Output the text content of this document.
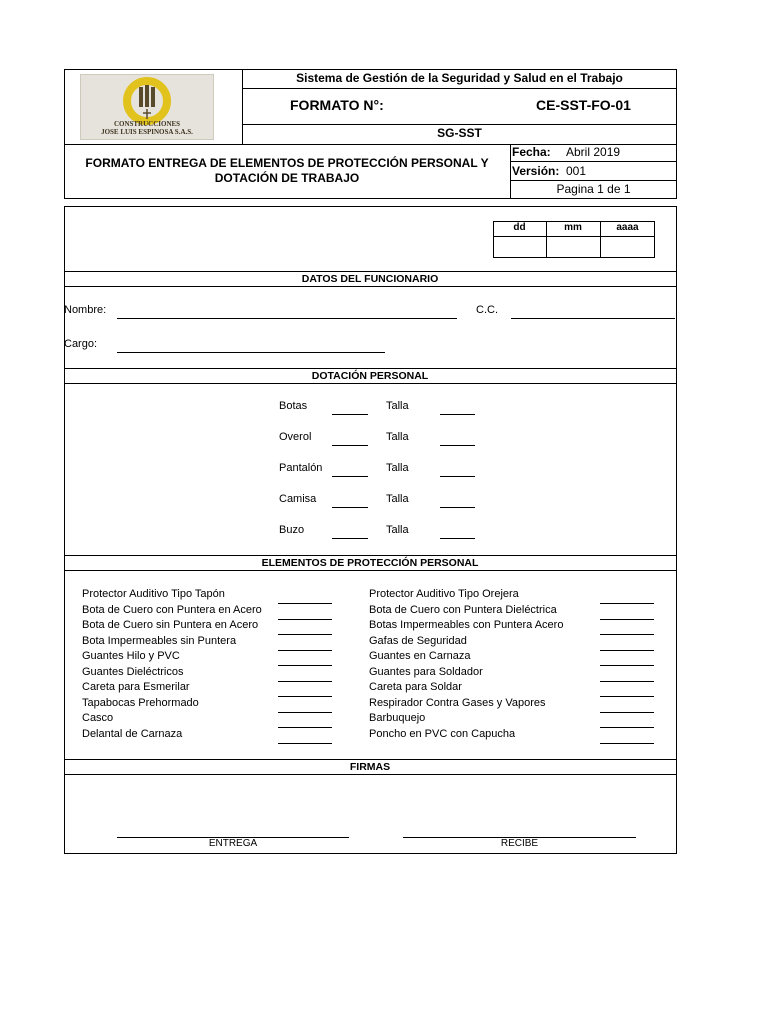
CONSTRUCCIONES
JOSE LUIS ESPINOSA S.A.S.
Sistema de Gestión de la Seguridad y Salud en el Trabajo
FORMATO N°:	CE-SST-FO-01
SG-SST
FORMATO ENTREGA DE ELEMENTOS DE PROTECCIÓN PERSONAL Y
DOTACIÓN DE TRABAJO
Fecha: Abril 2019
Versión: 001
Pagina 1 de 1
dd	mm	aaaa
DATOS DEL FUNCIONARIO
Nombre:	C.C.
Cargo:
DOTACIÓN PERSONAL
Botas	Talla
Overol	Talla
Pantalón	Talla
Camisa	Talla
Buzo	Talla
ELEMENTOS DE PROTECCIÓN PERSONAL
Protector Auditivo Tipo Tapón	Protector Auditivo Tipo Orejera
Bota de Cuero con Puntera en Acero	Bota de Cuero con Puntera Dieléctrica
Bota de Cuero sin Puntera en Acero	Botas Impermeables con Puntera Acero
Bota Impermeables sin Puntera	Gafas de Seguridad
Guantes Hilo y PVC	Guantes en Carnaza
Guantes Dieléctricos	Guantes para Soldador
Careta para Esmerilar	Careta para Soldar
Tapabocas Prehormado	Respirador Contra Gases y Vapores
Casco	Barbuquejo
Delantal de Carnaza	Poncho en PVC con Capucha
FIRMAS
ENTREGA	RECIBE
